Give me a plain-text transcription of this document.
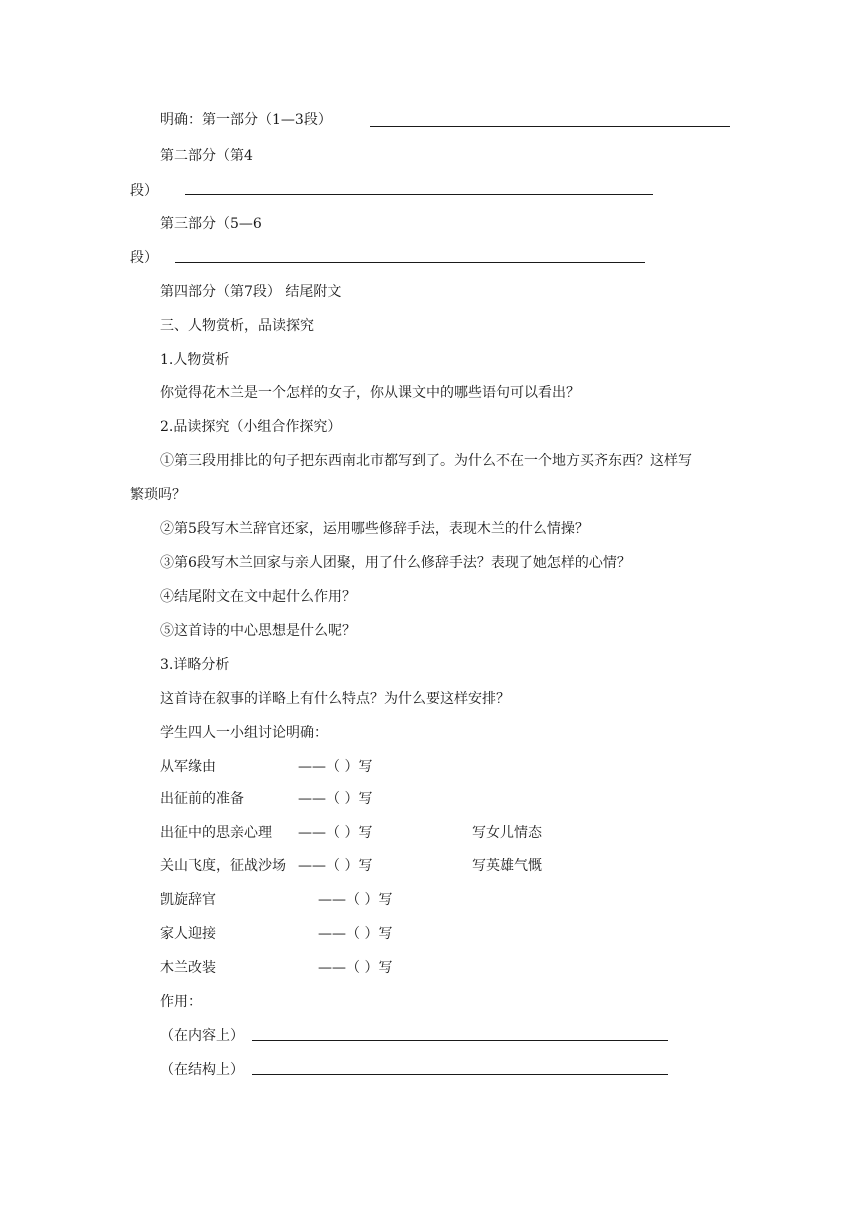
明确：第一部分（1—3段）
第二部分（第4
段）
第三部分（5—6
段）
第四部分（第7段） 结尾附文
三、人物赏析，品读探究
1.人物赏析
你觉得花木兰是一个怎样的女子，你从课文中的哪些语句可以看出？
2.品读探究（小组合作探究）
①第三段用排比的句子把东西南北市都写到了。为什么不在一个地方买齐东西？这样写
繁琐吗？
②第5段写木兰辞官还家，运用哪些修辞手法，表现木兰的什么情操？
③第6段写木兰回家与亲人团聚，用了什么修辞手法？表现了她怎样的心情？
④结尾附文在文中起什么作用？
⑤这首诗的中心思想是什么呢？
3.详略分析
这首诗在叙事的详略上有什么特点？为什么要这样安排？
学生四人一小组讨论明确：
从军缘由	——（ ）写
出征前的准备	——（ ）写
出征中的思亲心理 ——（ ）写	写女儿情态
关山飞度，征战沙场 ——（ ）写	写英雄气慨
凯旋辞官	——（ ）写
家人迎接	——（ ）写
木兰改装	——（ ）写
作用：
（在内容上）
（在结构上）
